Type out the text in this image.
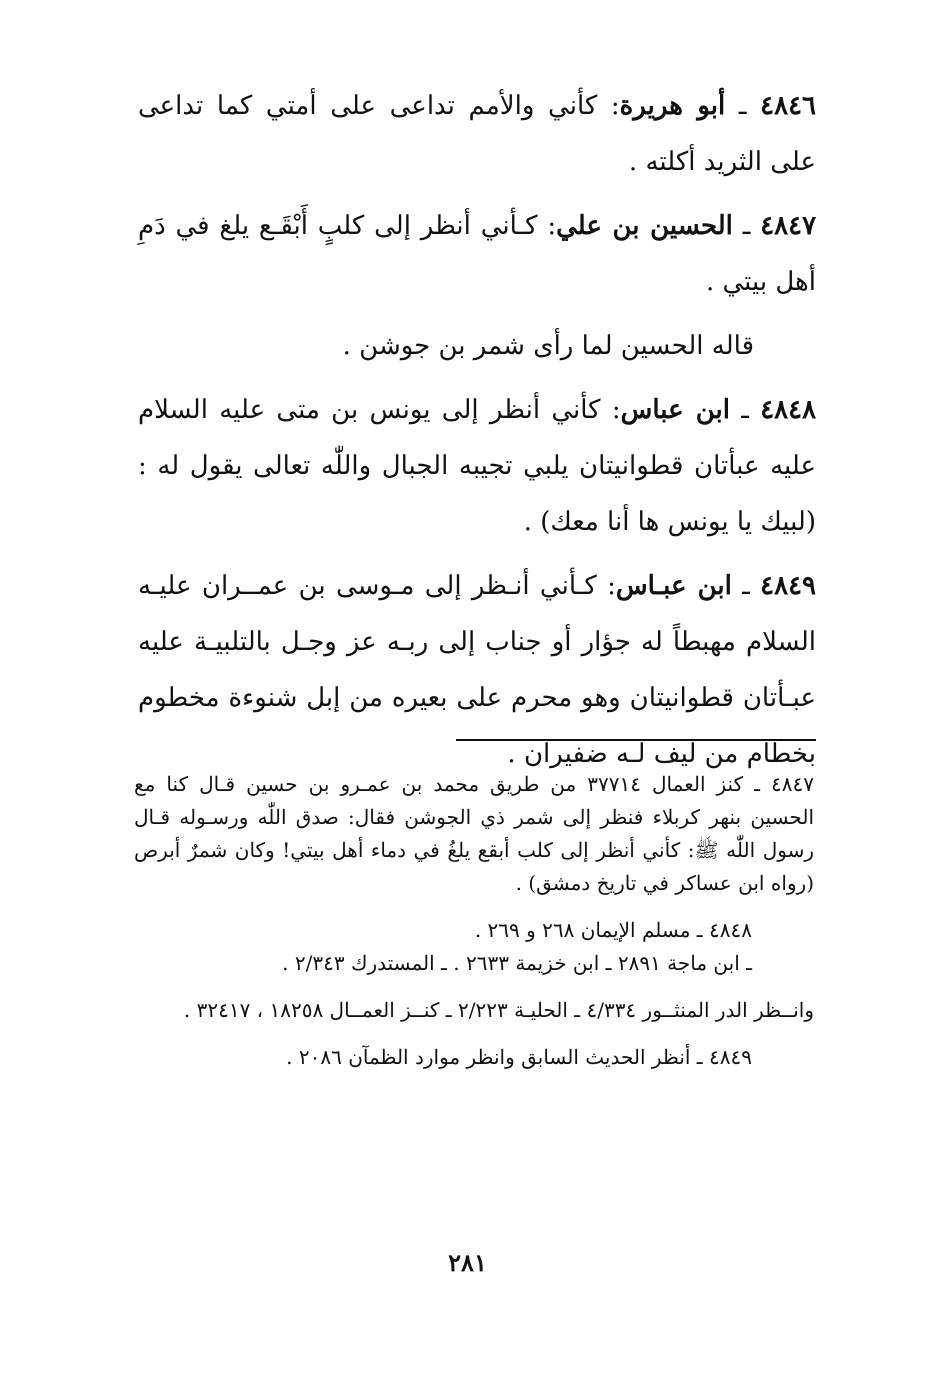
٤٨٤٦ ـ أبو هريرة: كأني والأمم تداعى على أمتي كما تداعى على الثريد أكلته .

٤٨٤٧ ـ الحسين بن علي: كـأني أنظر إلى كلبٍ أَبْقَـع يلغ في دَمِ أهل بيتي .

قاله الحسين لما رأى شمر بن جوشن .

٤٨٤٨ ـ ابن عباس: كأني أنظر إلى يونس بن متى عليه السلام عليه عبأتان قطوانيتان يلبي تجيبه الجبال واللّٰه تعالى يقول له : (لبيك يا يونس ها أنا معك) .

٤٨٤٩ ـ ابن عبـاس: كـأني أنـظر إلى مـوسى بن عمــران عليـه السلام مهبطاً له جؤار أو جناب إلى ربـه عز وجـل بالتلبيـة عليه عبـأتان قطوانيتان وهو محرم على بعيره من إبل شنوءة مخطوم بخطام من ليف لـه ضفيران .

٤٨٤٧ ـ كنز العمال ٣٧٧١٤ من طريق محمد بن عمـرو بن حسين قـال كنا مع الحسين بنهر كربلاء فنظر إلى شمر ذي الجوشن فقال: صدق اللّٰه ورسـوله قـال رسول اللّٰه ﷺ: كأني أنظر إلى كلب أبقع يلغُ في دماء أهل بيتي! وكان شمرٌ أبرص (رواه ابن عساكر في تاريخ دمشق) .

٤٨٤٨ ـ مسلم الإيمان ٢٦٨ و ٢٦٩ .

ـ ابن ماجة ٢٨٩١ ـ ابن خزيمة ٢٦٣٣ . ـ المستدرك ٢/٣٤٣ .

وانــظر الدر المنثــور ٤/٣٣٤ ـ الحليـة ٢/٢٢٣ ـ كنــز العمــال ١٨٢٥٨ ، ٣٢٤١٧ .

٤٨٤٩ ـ أنظر الحديث السابق وانظر موارد الظمآن ٢٠٨٦ .

٢٨١
